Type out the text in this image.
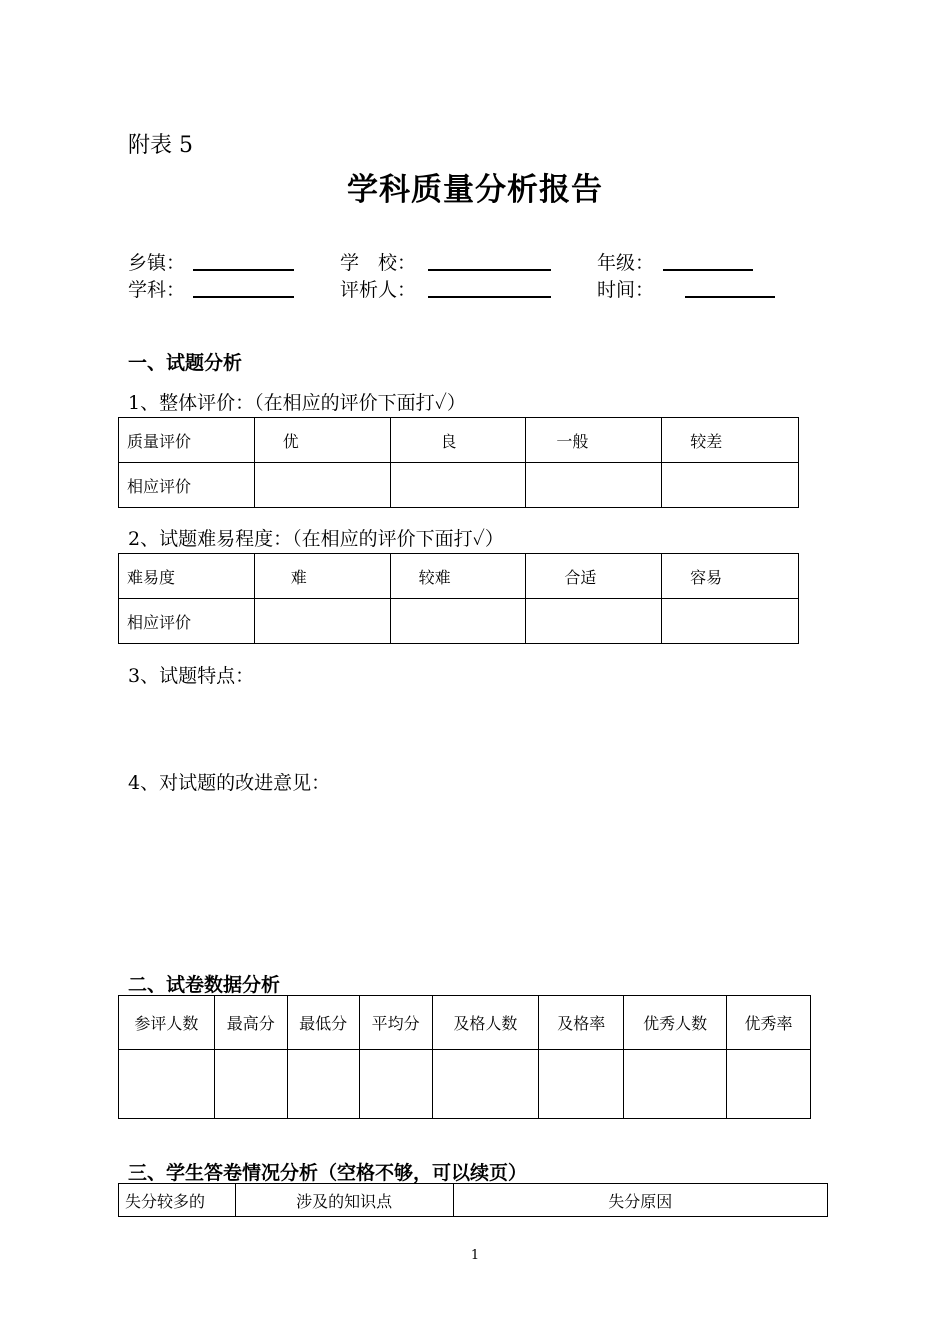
附表 5
学科质量分析报告
乡镇：	学　校：	年级：
学科：	评析人：	时间：
一、试题分析
1、整体评价：（在相应的评价下面打✓）
质量评价	优	良	一般	较差
相应评价				
2、试题难易程度：（在相应的评价下面打✓）
难易度	难	较难	合适	容易
相应评价				
3、试题特点：
4、对试题的改进意见：
二、试卷数据分析
参评人数	最高分	最低分	平均分	及格人数	及格率	优秀人数	优秀率

三、学生答卷情况分析（空格不够，可以续页）
失分较多的	涉及的知识点	失分原因
1
